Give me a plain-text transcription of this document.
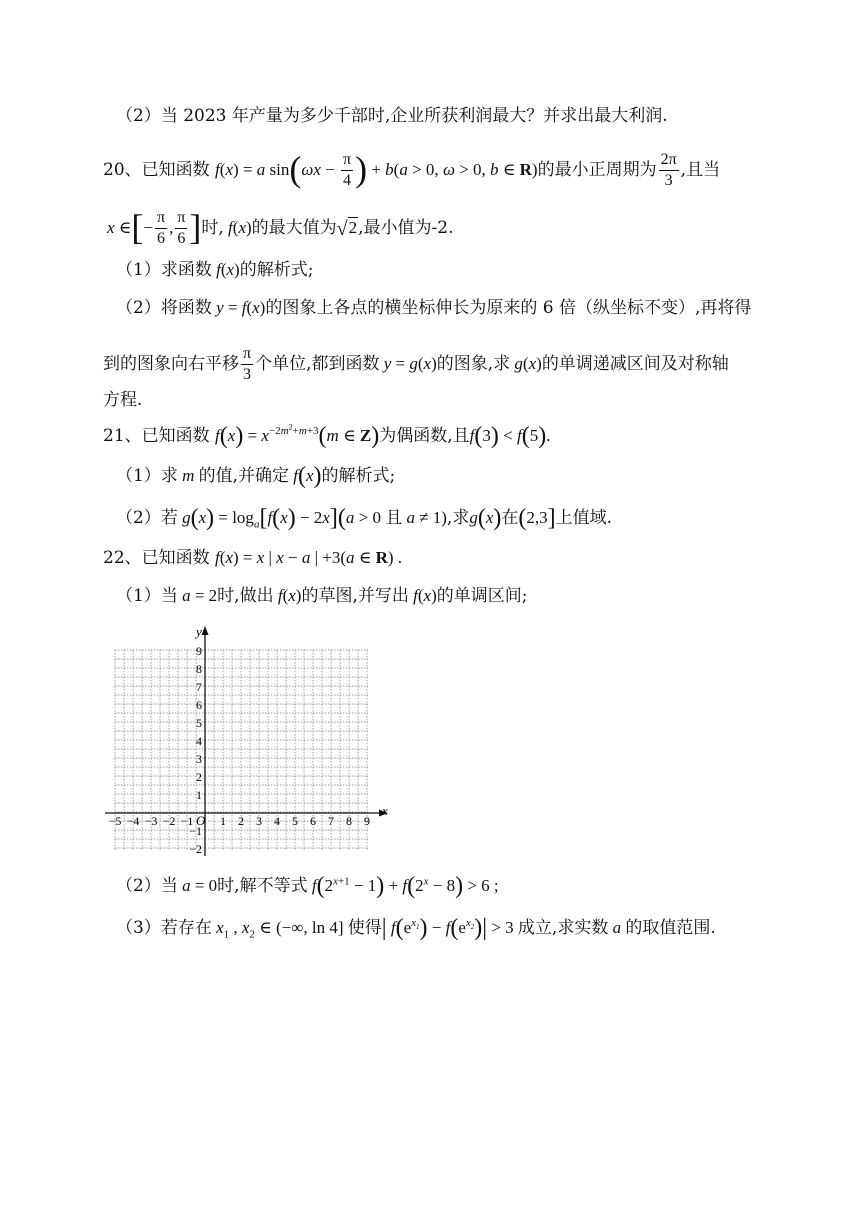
（2）当 2023 年产量为多少千部时,企业所获利润最大？并求出最大利润.
20、已知函数 f(x) = a $\sin(\omega x - \frac{\pi}{4}$ ) + b(a > 0, ω > 0, b ∈ R)的最小正周期为 $\frac{2\pi}{3}$ ,且当
x ∈[− $\frac{\pi}{6}$ , $\frac{\pi}{6}$ ]时, f(x)的最大值为√2,最小值为-2.
（1）求函数 f(x)的解析式;
（2）将函数 y = f(x)的图象上各点的横坐标伸长为原来的 6 倍（纵坐标不变）,再将得
到的图象向右平移 $\frac{\pi}{3}$ 个单位,都到函数 y = g(x)的图象,求 g(x)的单调递减区间及对称轴
方程.
21、已知函数 $f(x) = x^{-2m^2+m+3}(m$ ∈ Z)为偶函数,且f(3) < f(5).
（1）求 m 的值,并确定 f(x)的解析式;
（2）若 $g(x) = \log_a[f(x) - 2x](a > 0$ 且 a ≠ 1),求g(x)在(2,3]上值域.
22、已知函数 f(x) = x | x − a | +3(a ∈ R) .
（1）当 a = 2时,做出 f(x)的草图,并写出 f(x)的单调区间;
x
y
O
−5 −4 −3 −2 −1 1 2 3 4 5 6 7 8 9
9
8
7
6
5
4
3
2
1
−1
−2
（2）当 a = 0时,解不等式 $f(2^{x+1} - 1) + f(2^x - 8) > 6$ ;
（3）若存在 $x_1$ , $x_2$ ∈ (−∞, ln 4] 使得| $f(e^{x_1}) - f(e^{x_2})| > 3$ 成立,求实数 a 的取值范围.
